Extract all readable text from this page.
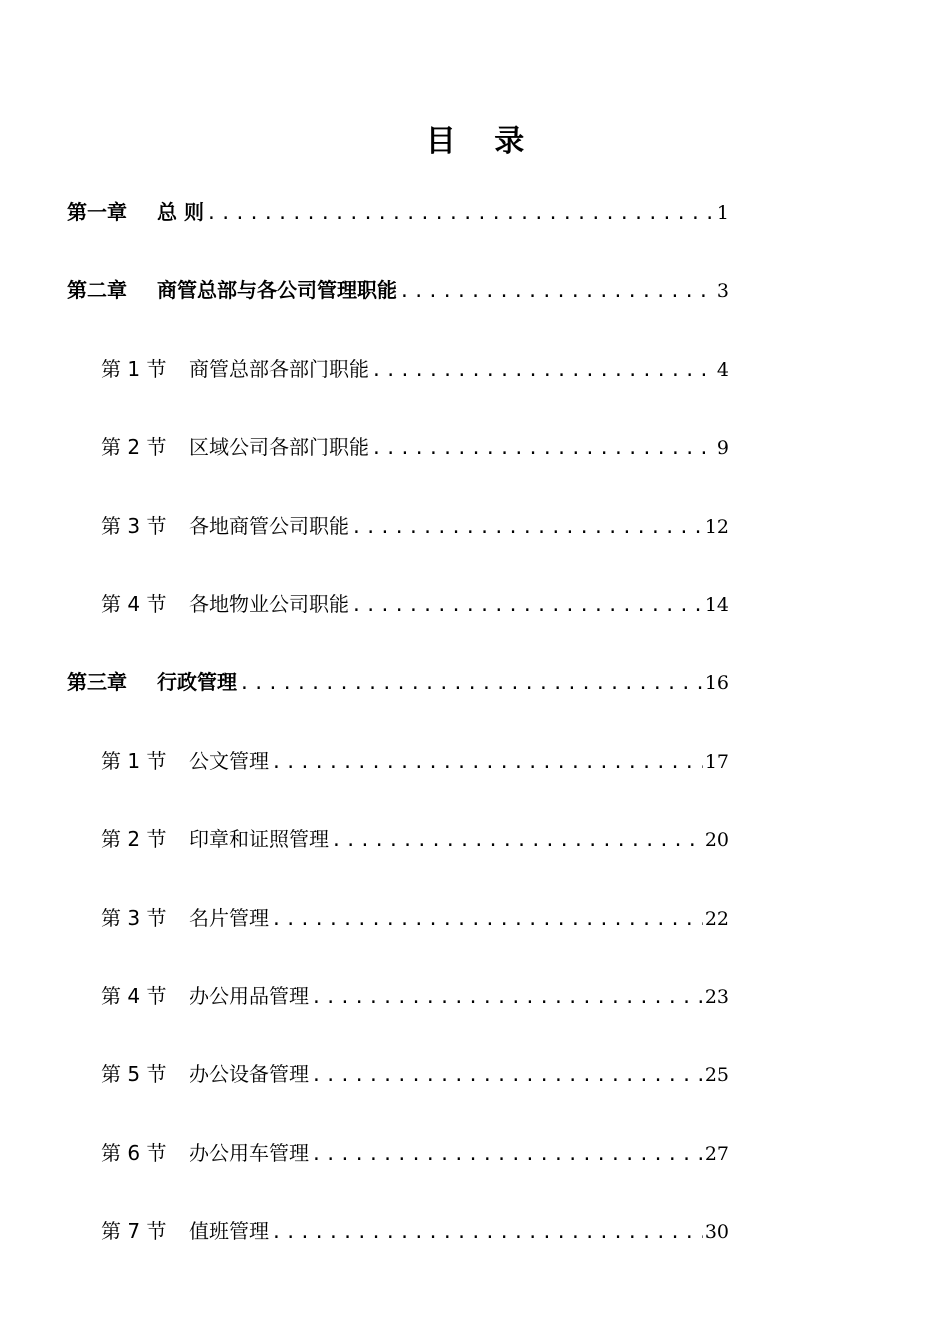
目 录
第一章 总 则 .....	1
第二章 商管总部与各公司管理职能 .....	3
第 1 节 商管总部各部门职能 .....	4
第 2 节 区域公司各部门职能 .....	9
第 3 节 各地商管公司职能 .....	12
第 4 节 各地物业公司职能 .....	14
第三章 行政管理 .....	16
第 1 节 公文管理 .....	17
第 2 节 印章和证照管理 .....	20
第 3 节 名片管理 .....	22
第 4 节 办公用品管理 .....	23
第 5 节 办公设备管理 .....	25
第 6 节 办公用车管理 .....	27
第 7 节 值班管理 .....	30
